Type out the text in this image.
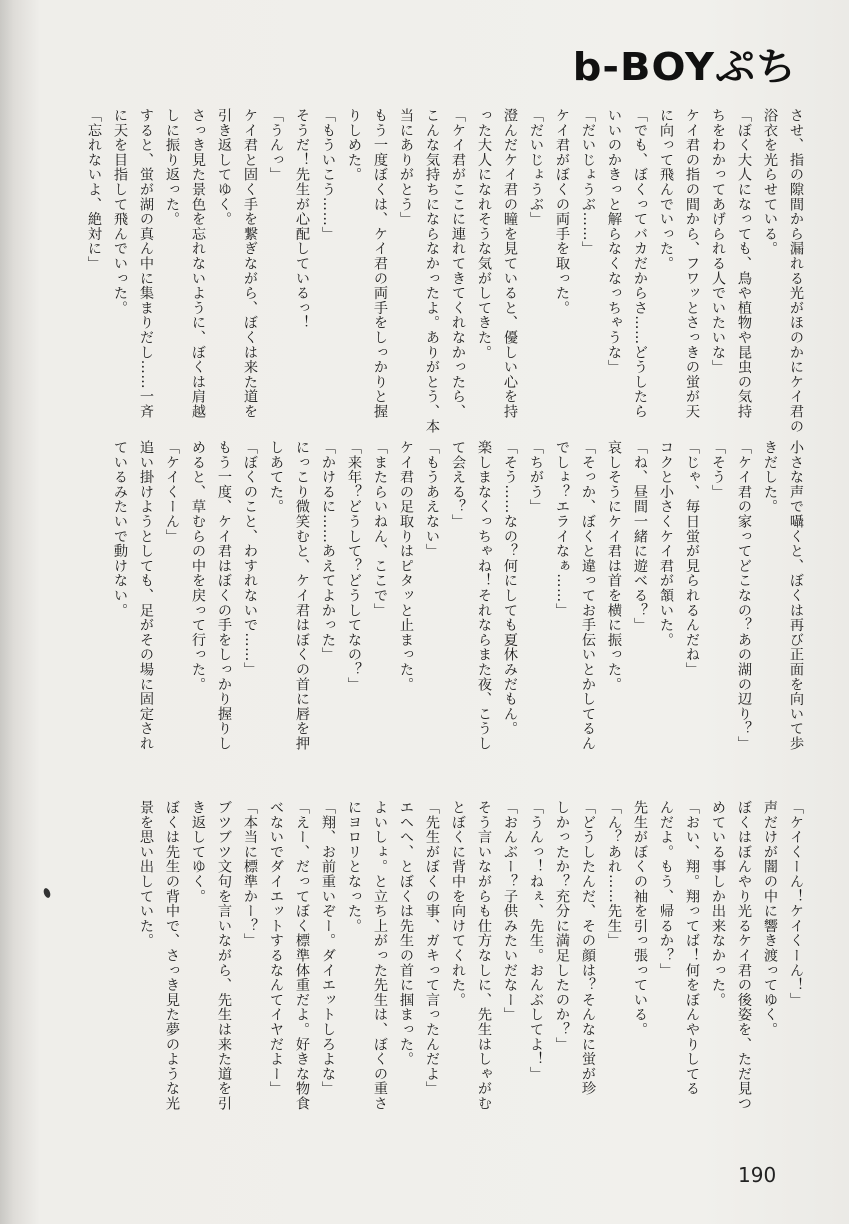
b-BOYぷち
させ、指の隙間から漏れる光がほのかにケイ君の
浴衣を光らせている。
「ぼく大人になっても、鳥や植物や昆虫の気持
ちをわかってあげられる人でいたいな」
ケイ君の指の間から、フワッとさっきの蛍が天
に向って飛んでいった。
「でも、ぼくってバカだからさ……どうしたら
いいのかきっと解らなくなっちゃうな」
「だいじょうぶ……」
ケイ君がぼくの両手を取った。
「だいじょうぶ」
澄んだケイ君の瞳を見ていると、優しい心を持
った大人になれそうな気がしてきた。
「ケイ君がここに連れてきてくれなかったら、
こんな気持ちにならなかったよ。ありがとう、本
当にありがとう」
もう一度ぼくは、ケイ君の両手をしっかりと握
りしめた。
「もういこう……」
そうだ！先生が心配しているっ！
「うんっ」
ケイ君と固く手を繋ぎながら、ぼくは来た道を
引き返してゆく。
さっき見た景色を忘れないように、ぼくは肩越
しに振り返った。
すると、蛍が湖の真ん中に集まりだし……一斉
に天を目指して飛んでいった。
「忘れないよ、絶対に」
小さな声で囁くと、ぼくは再び正面を向いて歩
きだした。
「ケイ君の家ってどこなの？あの湖の辺り？」
「そう」
「じゃ、毎日蛍が見られるんだね」
コクと小さくケイ君が頷いた。
「ね、昼間一緒に遊べる？」
哀しそうにケイ君は首を横に振った。
「そっか、ぼくと違ってお手伝いとかしてるん
でしょ？エライなぁ……」
「ちがう」
「そう……なの？何にしても夏休みだもん。
楽しまなくっちゃね！それならまた夜、こうし
て会える？」
「もうあえない」
ケイ君の足取りはピタッと止まった。
「またらいねん、ここで」
「来年？どうして？どうしてなの？」
「かけるに……あえてよかった」
にっこり微笑むと、ケイ君はぼくの首に唇を押
しあてた。
「ぼくのこと、わすれないで……」
もう一度、ケイ君はぼくの手をしっかり握りし
めると、草むらの中を戻って行った。
「ケイくーん」
追い掛けようとしても、足がその場に固定され
ているみたいで動けない。
「ケイくーん！ケイくーん！」
声だけが闇の中に響き渡ってゆく。
ぼくはぼんやり光るケイ君の後姿を、ただ見つ
めている事しか出来なかった。
「おい、翔。翔ってば！何をぼんやりしてる
んだよ。もう、帰るか？」
先生がぼくの袖を引っ張っている。
「ん？あれ……先生」
「どうしたんだ、その顔は？そんなに蛍が珍
しかったか？充分に満足したのか？」
「うんっ！ねぇ、先生。おんぶしてよ！」
「おんぶー？子供みたいだなー」
そう言いながらも仕方なしに、先生はしゃがむ
とぼくに背中を向けてくれた。
「先生がぼくの事、ガキって言ったんだよ」
エヘへ、とぼくは先生の首に掴まった。
よいしょ。と立ち上がった先生は、ぼくの重さ
にヨロリとなった。
「翔、お前重いぞー。ダイエットしろよな」
「えー、だってぼく標準体重だよ。好きな物食
べないでダイエットするなんてイヤだよー」
「本当に標準かー？」
ブツブツ文句を言いながら、先生は来た道を引
き返してゆく。
ぼくは先生の背中で、さっき見た夢のような光
景を思い出していた。
190
